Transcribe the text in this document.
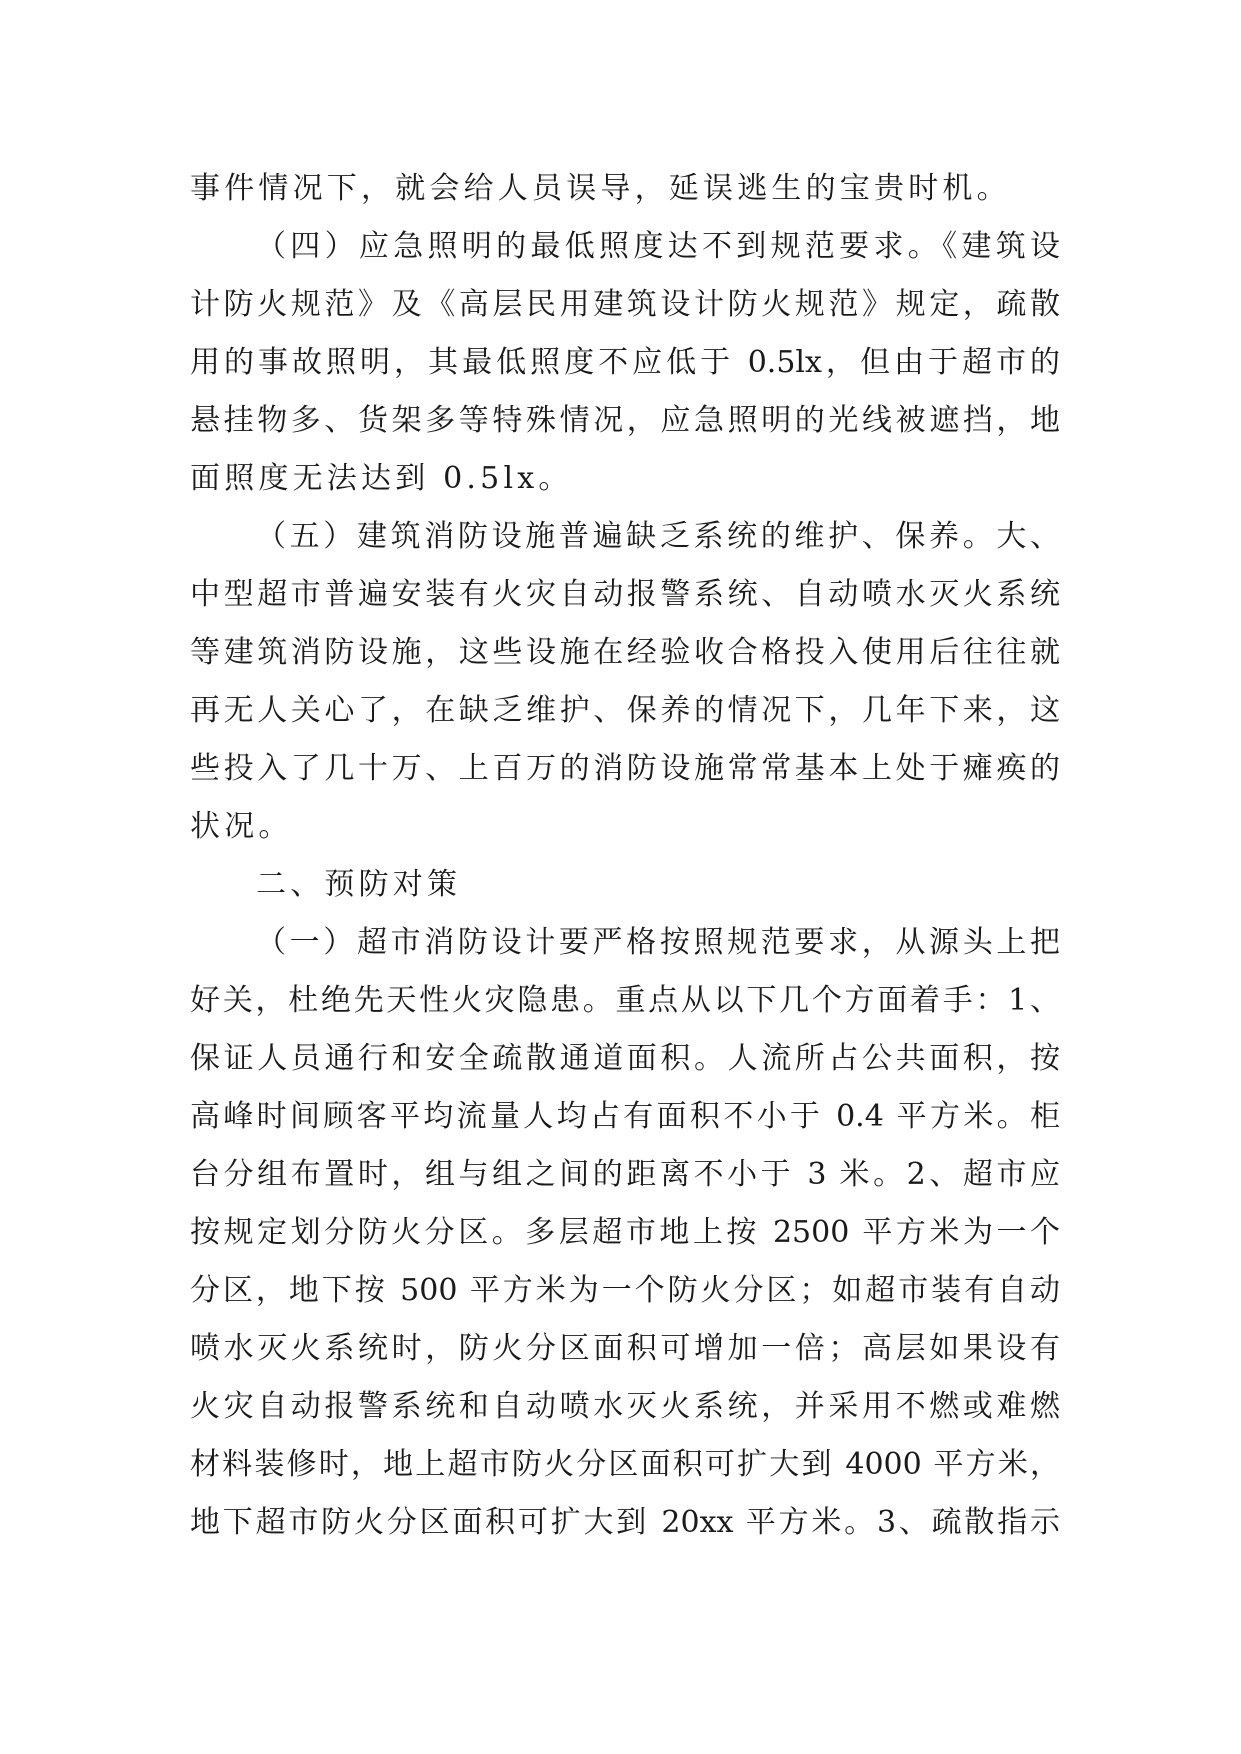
事件情况下，就会给人员误导，延误逃生的宝贵时机。
（四）应急照明的最低照度达不到规范要求。《建筑设
计防火规范》及《高层民用建筑设计防火规范》规定，疏散
用的事故照明，其最低照度不应低于 0.5lx，但由于超市的
悬挂物多、货架多等特殊情况，应急照明的光线被遮挡，地
面照度无法达到 0.5lx。
（五）建筑消防设施普遍缺乏系统的维护、保养。大、
中型超市普遍安装有火灾自动报警系统、自动喷水灭火系统
等建筑消防设施，这些设施在经验收合格投入使用后往往就
再无人关心了，在缺乏维护、保养的情况下，几年下来，这
些投入了几十万、上百万的消防设施常常基本上处于瘫痪的
状况。
二、预防对策
（一）超市消防设计要严格按照规范要求，从源头上把
好关，杜绝先天性火灾隐患。重点从以下几个方面着手：1、
保证人员通行和安全疏散通道面积。人流所占公共面积，按
高峰时间顾客平均流量人均占有面积不小于 0.4 平方米。柜
台分组布置时，组与组之间的距离不小于 3 米。2、超市应
按规定划分防火分区。多层超市地上按 2500 平方米为一个
分区，地下按 500 平方米为一个防火分区；如超市装有自动
喷水灭火系统时，防火分区面积可增加一倍；高层如果设有
火灾自动报警系统和自动喷水灭火系统，并采用不燃或难燃
材料装修时，地上超市防火分区面积可扩大到 4000 平方米，
地下超市防火分区面积可扩大到 20xx 平方米。3、疏散指示
